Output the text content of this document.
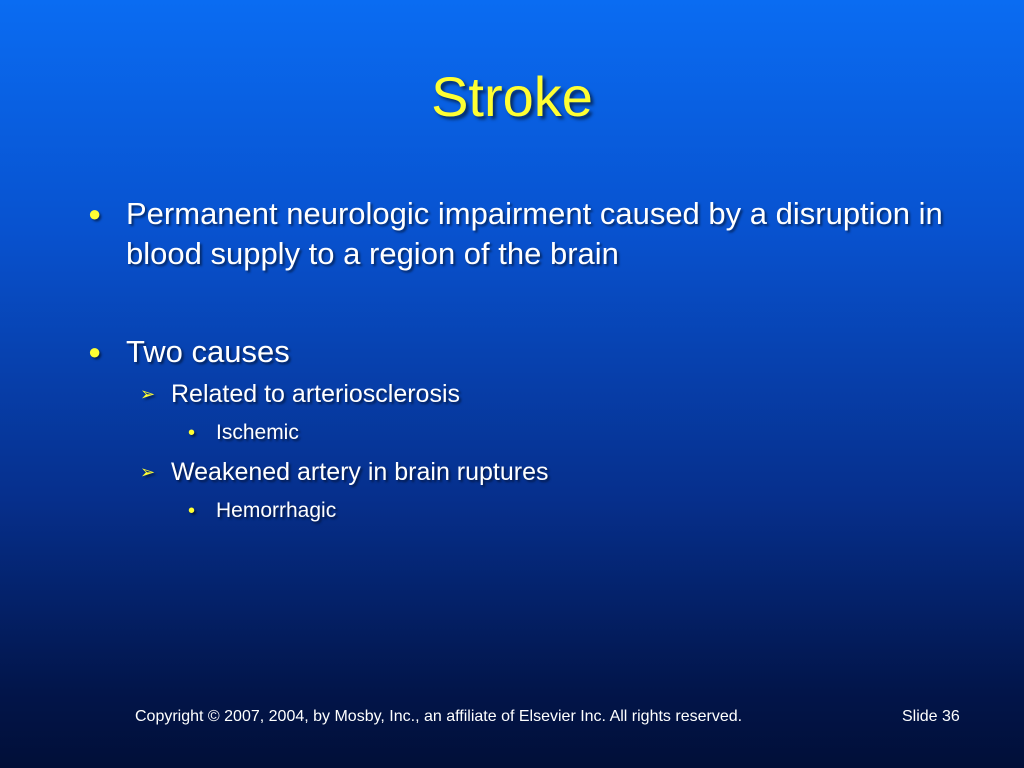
Stroke
● Permanent neurologic impairment caused by a disruption in blood supply to a region of the brain
● Two causes
➢ Related to arteriosclerosis
• Ischemic
➢ Weakened artery in brain ruptures
• Hemorrhagic
Copyright © 2007, 2004, by Mosby, Inc., an affiliate of Elsevier Inc. All rights reserved.	Slide 36
